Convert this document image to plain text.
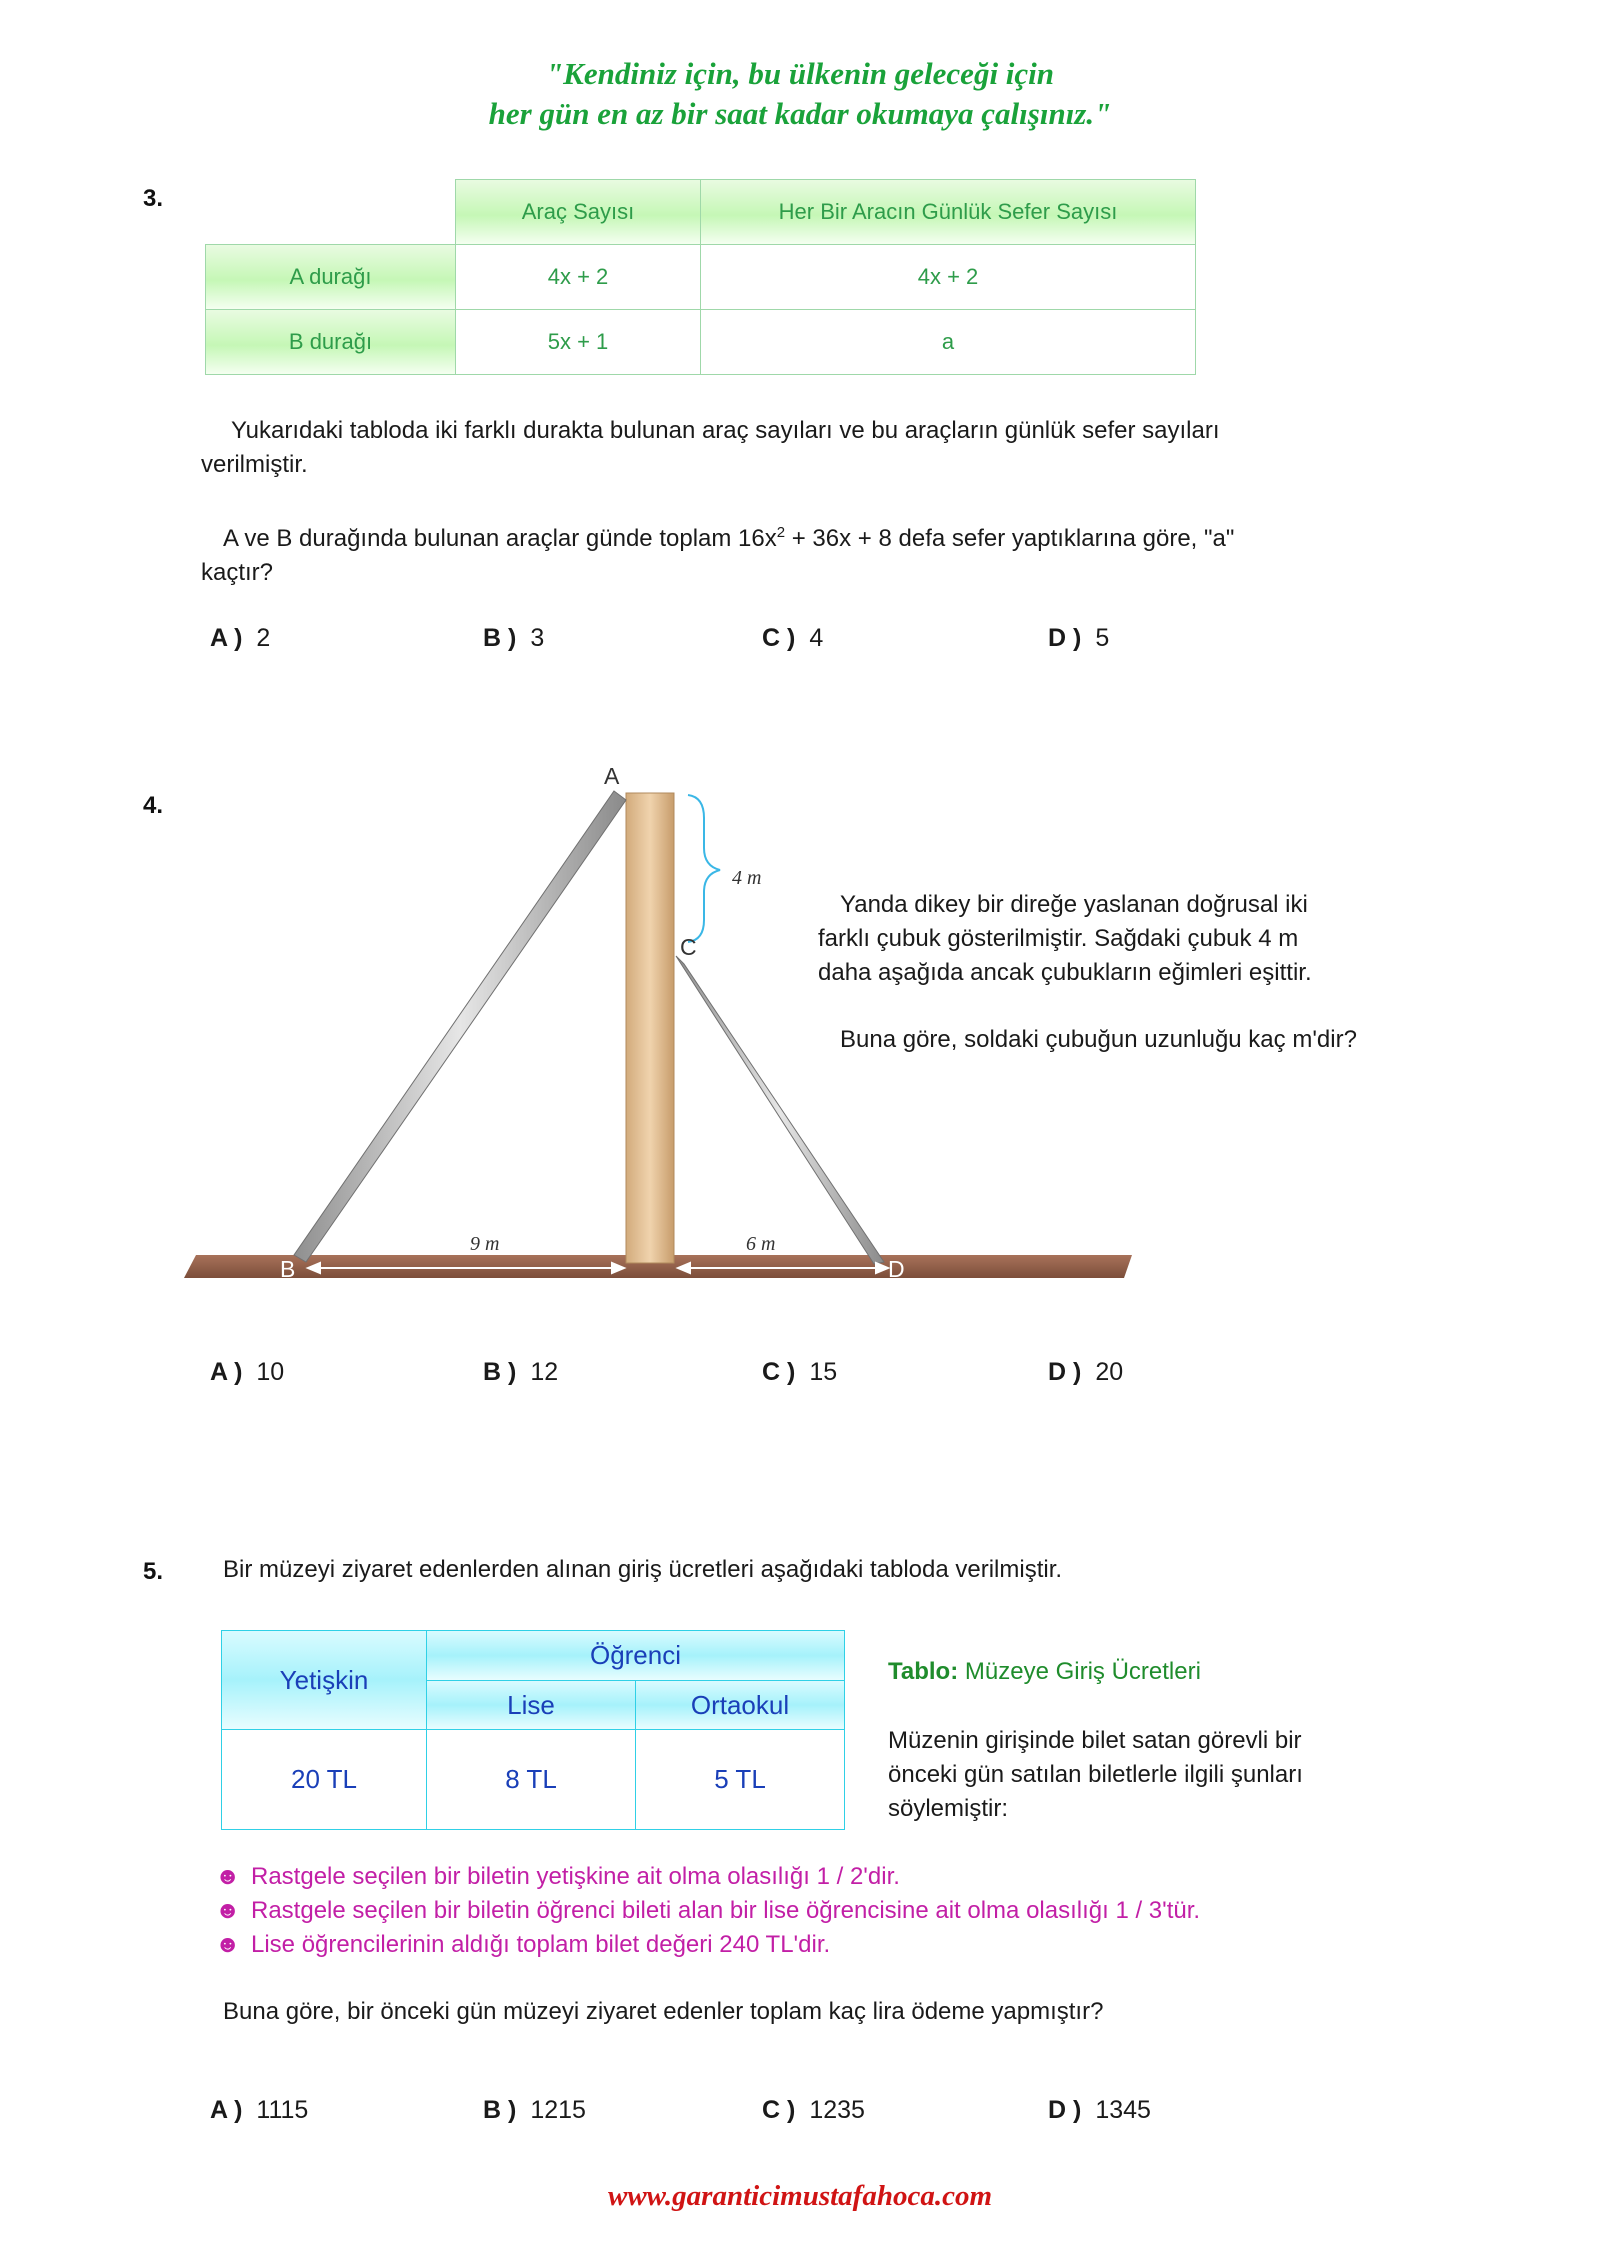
"Kendiniz için, bu ülkenin geleceği için
her gün en az bir saat kadar okumaya çalışınız."
3.	Araç Sayısı	Her Bir Aracın Günlük Sefer Sayısı
A durağı	4x + 2	4x + 2
B durağı	5x + 1	a
Yukarıdaki tabloda iki farklı durakta bulunan araç sayıları ve bu araçların günlük sefer sayıları
verilmiştir.
A ve B durağında bulunan araçlar günde toplam $16x^2 + 36x + 8$ defa sefer yaptıklarına göre, "a"
kaçtır?
A ) 2	B ) 3	C ) 4	D ) 5
4.
A
C
B	D
4 m
9 m	6 m
Yanda dikey bir direğe yaslanan doğrusal iki
farklı çubuk gösterilmiştir. Sağdaki çubuk 4 m
daha aşağıda ancak çubukların eğimleri eşittir.
Buna göre, soldaki çubuğun uzunluğu kaç m'dir?
A ) 10	B ) 12	C ) 15	D ) 20
5. Bir müzeyi ziyaret edenlerden alınan giriş ücretleri aşağıdaki tabloda verilmiştir.
Yetişkin
Öğrenci
Lise	Ortaokul
20 TL	8 TL	5 TL
Tablo: Müzeye Giriş Ücretleri
Müzenin girişinde bilet satan görevli bir
önceki gün satılan biletlerle ilgili şunları
söylemiştir:
☻ Rastgele seçilen bir biletin yetişkine ait olma olasılığı 1 / 2'dir.
☻ Rastgele seçilen bir biletin öğrenci bileti alan bir lise öğrencisine ait olma olasılığı 1 / 3'tür.
☻ Lise öğrencilerinin aldığı toplam bilet değeri 240 TL'dir.
Buna göre, bir önceki gün müzeyi ziyaret edenler toplam kaç lira ödeme yapmıştır?
A ) 1115	B ) 1215	C ) 1235	D ) 1345
www.garanticimustafahoca.com
